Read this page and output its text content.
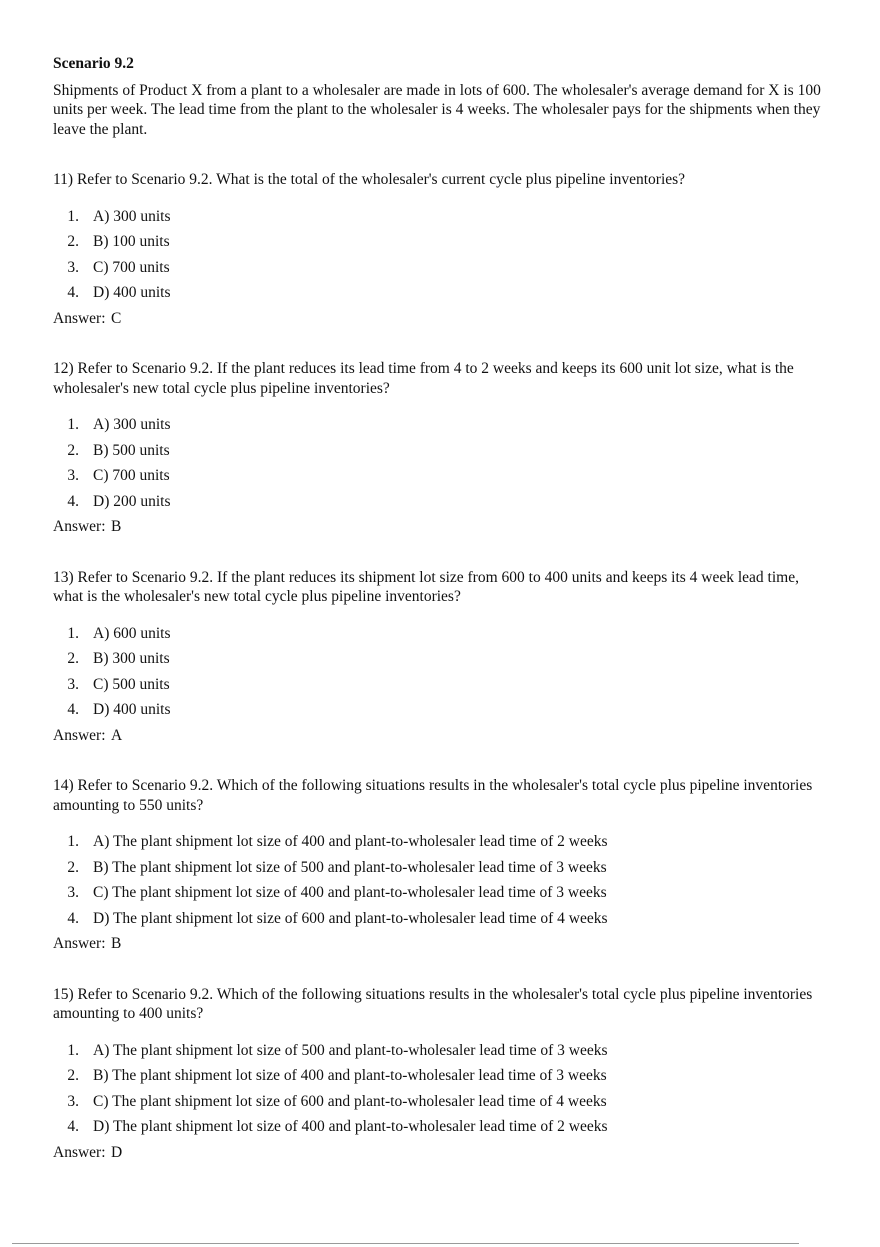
Scenario 9.2

Shipments of Product X from a plant to a wholesaler are made in lots of 600. The wholesaler's average demand for X is 100 units per week. The lead time from the plant to the wholesaler is 4 weeks. The wholesaler pays for the shipments when they leave the plant.

11) Refer to Scenario 9.2. What is the total of the wholesaler's current cycle plus pipeline inventories?

1. A) 300 units
2. B) 100 units
3. C) 700 units
4. D) 400 units
Answer: C

12) Refer to Scenario 9.2. If the plant reduces its lead time from 4 to 2 weeks and keeps its 600 unit lot size, what is the wholesaler's new total cycle plus pipeline inventories?

1. A) 300 units
2. B) 500 units
3. C) 700 units
4. D) 200 units
Answer: B

13) Refer to Scenario 9.2. If the plant reduces its shipment lot size from 600 to 400 units and keeps its 4 week lead time, what is the wholesaler's new total cycle plus pipeline inventories?

1. A) 600 units
2. B) 300 units
3. C) 500 units
4. D) 400 units
Answer: A

14) Refer to Scenario 9.2. Which of the following situations results in the wholesaler's total cycle plus pipeline inventories amounting to 550 units?

1. A) The plant shipment lot size of 400 and plant-to-wholesaler lead time of 2 weeks
2. B) The plant shipment lot size of 500 and plant-to-wholesaler lead time of 3 weeks
3. C) The plant shipment lot size of 400 and plant-to-wholesaler lead time of 3 weeks
4. D) The plant shipment lot size of 600 and plant-to-wholesaler lead time of 4 weeks
Answer: B

15) Refer to Scenario 9.2. Which of the following situations results in the wholesaler's total cycle plus pipeline inventories amounting to 400 units?

1. A) The plant shipment lot size of 500 and plant-to-wholesaler lead time of 3 weeks
2. B) The plant shipment lot size of 400 and plant-to-wholesaler lead time of 3 weeks
3. C) The plant shipment lot size of 600 and plant-to-wholesaler lead time of 4 weeks
4. D) The plant shipment lot size of 400 and plant-to-wholesaler lead time of 2 weeks
Answer: D
